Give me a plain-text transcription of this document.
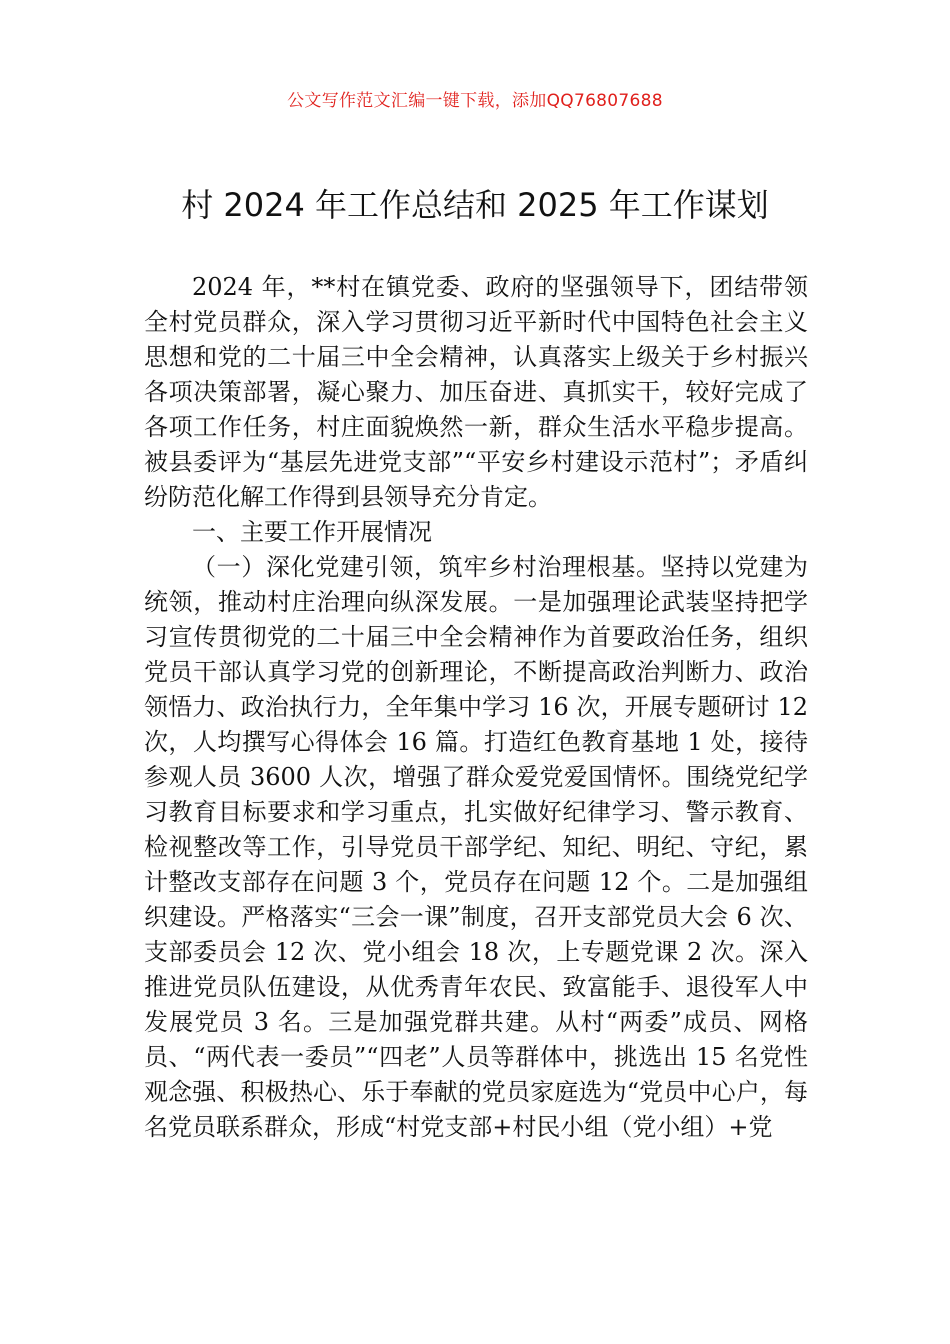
公文写作范文汇编一键下载，添加QQ76807688
村 2024 年工作总结和 2025 年工作谋划

2024 年，**村在镇党委、政府的坚强领导下，团结带领全村党员群众，深入学习贯彻习近平新时代中国特色社会主义思想和党的二十届三中全会精神，认真落实上级关于乡村振兴各项决策部署，凝心聚力、加压奋进、真抓实干，较好完成了各项工作任务，村庄面貌焕然一新，群众生活水平稳步提高。被县委评为“基层先进党支部”“平安乡村建设示范村”；矛盾纠纷防范化解工作得到县领导充分肯定。

一、主要工作开展情况

（一）深化党建引领，筑牢乡村治理根基。坚持以党建为统领，推动村庄治理向纵深发展。一是加强理论武装坚持把学习宣传贯彻党的二十届三中全会精神作为首要政治任务，组织党员干部认真学习党的创新理论，不断提高政治判断力、政治领悟力、政治执行力，全年集中学习 16 次，开展专题研讨 12 次，人均撰写心得体会 16 篇。打造红色教育基地 1 处，接待参观人员 3600 人次，增强了群众爱党爱国情怀。围绕党纪学习教育目标要求和学习重点，扎实做好纪律学习、警示教育、检视整改等工作，引导党员干部学纪、知纪、明纪、守纪，累计整改支部存在问题 3 个，党员存在问题 12 个。二是加强组织建设。严格落实“三会一课”制度，召开支部党员大会 6 次、支部委员会 12 次、党小组会 18 次，上专题党课 2 次。深入推进党员队伍建设，从优秀青年农民、致富能手、退役军人中发展党员 3 名。三是加强党群共建。从村“两委”成员、网格员、“两代表一委员”“四老”人员等群体中，挑选出 15 名党性观念强、积极热心、乐于奉献的党员家庭选为“党员中心户，每名党员联系群众，形成“村党支部+村民小组（党小组）+党
